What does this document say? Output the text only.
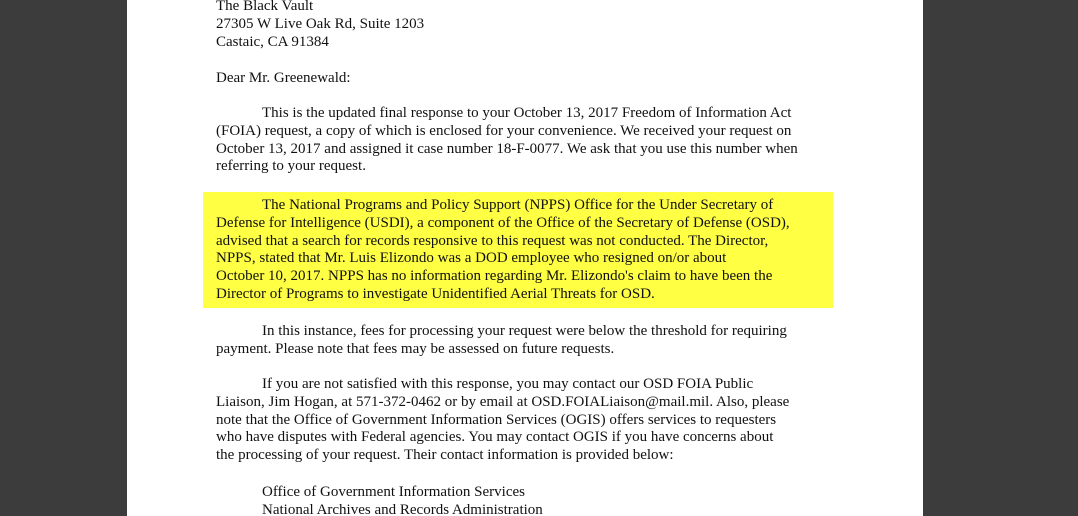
The Black Vault
27305 W Live Oak Rd, Suite 1203
Castaic, CA 91384
Dear Mr. Greenewald:
This is the updated final response to your October 13, 2017 Freedom of Information Act
(FOIA) request, a copy of which is enclosed for your convenience. We received your request on
October 13, 2017 and assigned it case number 18-F-0077. We ask that you use this number when
referring to your request.
The National Programs and Policy Support (NPPS) Office for the Under Secretary of
Defense for Intelligence (USDI), a component of the Office of the Secretary of Defense (OSD),
advised that a search for records responsive to this request was not conducted. The Director,
NPPS, stated that Mr. Luis Elizondo was a DOD employee who resigned on/or about
October 10, 2017. NPPS has no information regarding Mr. Elizondo's claim to have been the
Director of Programs to investigate Unidentified Aerial Threats for OSD.
In this instance, fees for processing your request were below the threshold for requiring
payment. Please note that fees may be assessed on future requests.
If you are not satisfied with this response, you may contact our OSD FOIA Public
Liaison, Jim Hogan, at 571-372-0462 or by email at OSD.FOIALiaison@mail.mil. Also, please
note that the Office of Government Information Services (OGIS) offers services to requesters
who have disputes with Federal agencies. You may contact OGIS if you have concerns about
the processing of your request. Their contact information is provided below:
Office of Government Information Services
National Archives and Records Administration
